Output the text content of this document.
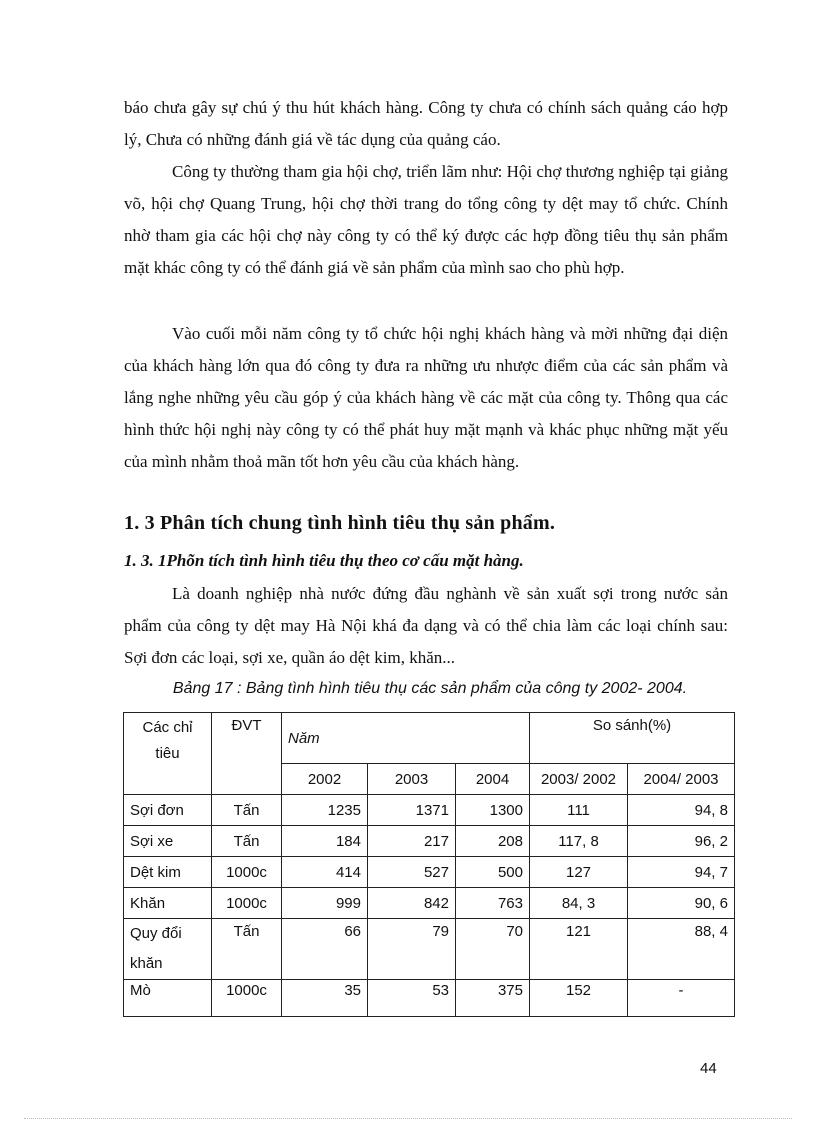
báo chưa gây sự chú ý thu hút khách hàng. Công ty chưa có chính sách quảng cáo hợp lý, Chưa có những đánh giá về tác dụng của quảng cáo.
Công ty thường tham gia hội chợ, triển lãm như: Hội chợ thương nghiệp tại giảng võ, hội chợ Quang Trung, hội chợ thời trang do tổng công ty dệt may tổ chức. Chính nhờ tham gia các hội chợ này công ty có thể ký được các hợp đồng tiêu thụ sản phẩm mặt khác công ty có thể đánh giá về sản phẩm của mình sao cho phù hợp.
Vào cuối mỗi năm công ty tổ chức hội nghị khách hàng và mời những đại diện của khách hàng lớn qua đó công ty đưa ra những ưu nhược điểm của các sản phẩm và lắng nghe những yêu cầu góp ý của khách hàng về các mặt của công ty. Thông qua các hình thức hội nghị này công ty có thể phát huy mặt mạnh và khác phục những mặt yếu của mình nhằm thoả mãn tốt hơn yêu cầu của khách hàng.
1. 3 Phân tích chung tình hình tiêu thụ sản phẩm.
1. 3. 1Phõn tích tình hình tiêu thụ theo cơ cấu mặt hàng.
Là doanh nghiệp nhà nước đứng đầu nghành về sản xuất sợi trong nước sản phẩm của công ty dệt may Hà Nội khá đa dạng và có thể chia làm các loại chính sau: Sợi đơn các loại, sợi xe, quần áo dệt kim, khăn...
Bảng 17 : Bảng tình hình tiêu thụ các sản phẩm của công ty 2002- 2004.
Các chỉ
tiêu	ĐVT	Năm			So sánh(%)	
		2002	2003	2004	2003/ 2002	2004/ 2003
Sợi đơn	Tấn	1235	1371	1300	111	94, 8
Sợi xe	Tấn	184	217	208	117, 8	96, 2
Dệt kim	1000c	414	527	500	127	94, 7
Khăn	1000c	999	842	763	84, 3	90, 6

Quy đổi
khăn	Tấn	66	79	70	121	88, 4
Mò	1000c	35	53	375	152	-
44
